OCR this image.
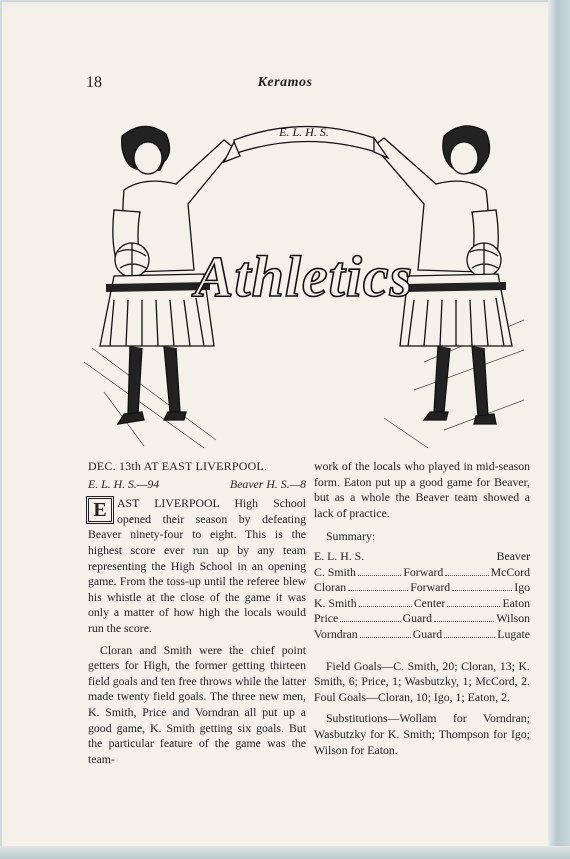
18	Keramos
E. L. H. S.
Athletics
DEC. 13th AT EAST LIVERPOOL.
E. L. H. S.—94	Beaver H. S.—8

E AST LIVERPOOL High School opened their season by defeating Beaver ninety-four to eight. This is the highest score ever run up by any team representing the High School in an opening game. From the toss-up until the referee blew his whistle at the close of the game it was only a matter of how high the locals would run the score.

Cloran and Smith were the chief point getters for High, the former getting thirteen field goals and ten free throws while the latter made twenty field goals. The three new men, K. Smith, Price and Vorndran all put up a good game, K. Smith getting six goals. But the particular feature of the game was the team-

work of the locals who played in mid-season form. Eaton put up a good game for Beaver, but as a whole the Beaver team showed a lack of practice.

Summary:

E. L. H. S.	Beaver
C. Smith	Forward	McCord
Cloran	Forward	Igo
K. Smith	Center	Eaton
Price	Guard	Wilson
Vorndran	Guard	Lugate

Field Goals—C. Smith, 20; Cloran, 13; K. Smith, 6; Price, 1; Wasbutzky, 1; McCord, 2. Foul Goals—Cloran, 10; Igo, 1; Eaton, 2.

Substitutions—Wollam for Vorndran; Wasbutzky for K. Smith; Thompson for Igo; Wilson for Eaton.
